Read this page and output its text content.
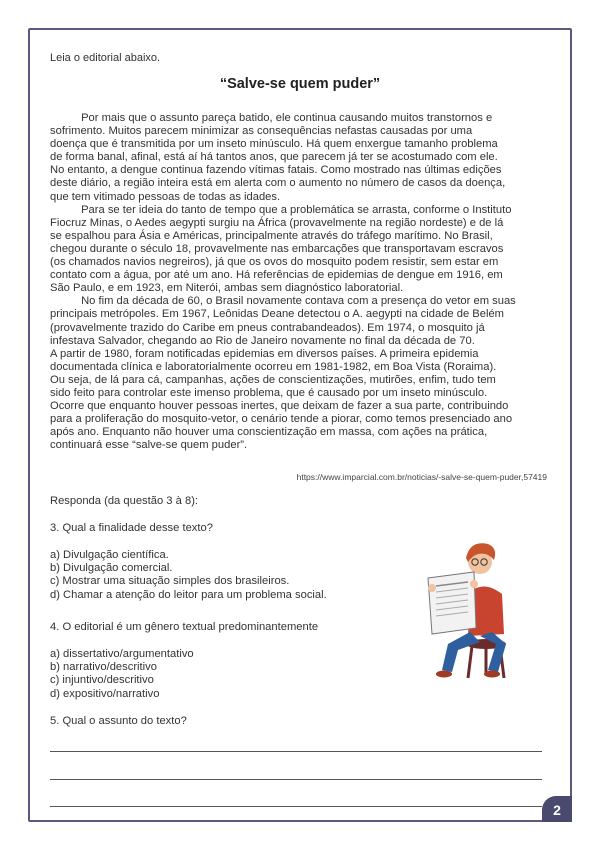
Leia o editorial abaixo.

“Salve-se quem puder”

Por mais que o assunto pareça batido, ele continua causando muitos transtornos e
sofrimento. Muitos parecem minimizar as consequências nefastas causadas por uma
doença que é transmitida por um inseto minúsculo. Há quem enxergue tamanho problema
de forma banal, afinal, está aí há tantos anos, que parecem já ter se acostumado com ele.
No entanto, a dengue continua fazendo vítimas fatais. Como mostrado nas últimas edições
deste diário, a região inteira está em alerta com o aumento no número de casos da doença,
que tem vitimado pessoas de todas as idades.
Para se ter ideia do tanto de tempo que a problemática se arrasta, conforme o Instituto
Fiocruz Minas, o Aedes aegypti surgiu na África (provavelmente na região nordeste) e de lá
se espalhou para Ásia e Américas, principalmente através do tráfego marítimo. No Brasil,
chegou durante o século 18, provavelmente nas embarcações que transportavam escravos
(os chamados navios negreiros), já que os ovos do mosquito podem resistir, sem estar em
contato com a água, por até um ano. Há referências de epidemias de dengue em 1916, em
São Paulo, e em 1923, em Niterói, ambas sem diagnóstico laboratorial.
No fim da década de 60, o Brasil novamente contava com a presença do vetor em suas
principais metrópoles. Em 1967, Leônidas Deane detectou o A. aegypti na cidade de Belém
(provavelmente trazido do Caribe em pneus contrabandeados). Em 1974, o mosquito já
infestava Salvador, chegando ao Rio de Janeiro novamente no final da década de 70.
A partir de 1980, foram notificadas epidemias em diversos países. A primeira epidemia
documentada clínica e laboratorialmente ocorreu em 1981-1982, em Boa Vista (Roraima).
Ou seja, de lá para cá, campanhas, ações de conscientizações, mutirões, enfim, tudo tem
sido feito para controlar este imenso problema, que é causado por um inseto minúsculo.
Ocorre que enquanto houver pessoas inertes, que deixam de fazer a sua parte, contribuindo
para a proliferação do mosquito-vetor, o cenário tende a piorar, como temos presenciado ano
após ano. Enquanto não houver uma conscientização em massa, com ações na prática,
continuará esse “salve-se quem puder”.

https://www.imparcial.com.br/noticias/-salve-se-quem-puder,57419

Responda (da questão 3 à 8):

3. Qual a finalidade desse texto?

a) Divulgação científica.
b) Divulgação comercial.
c) Mostrar uma situação simples dos brasileiros.
d) Chamar a atenção do leitor para um problema social.

4. O editorial é um gênero textual predominantemente

a) dissertativo/argumentativo
b) narrativo/descritivo
c) injuntivo/descritivo
d) expositivo/narrativo

5. Qual o assunto do texto?

2
